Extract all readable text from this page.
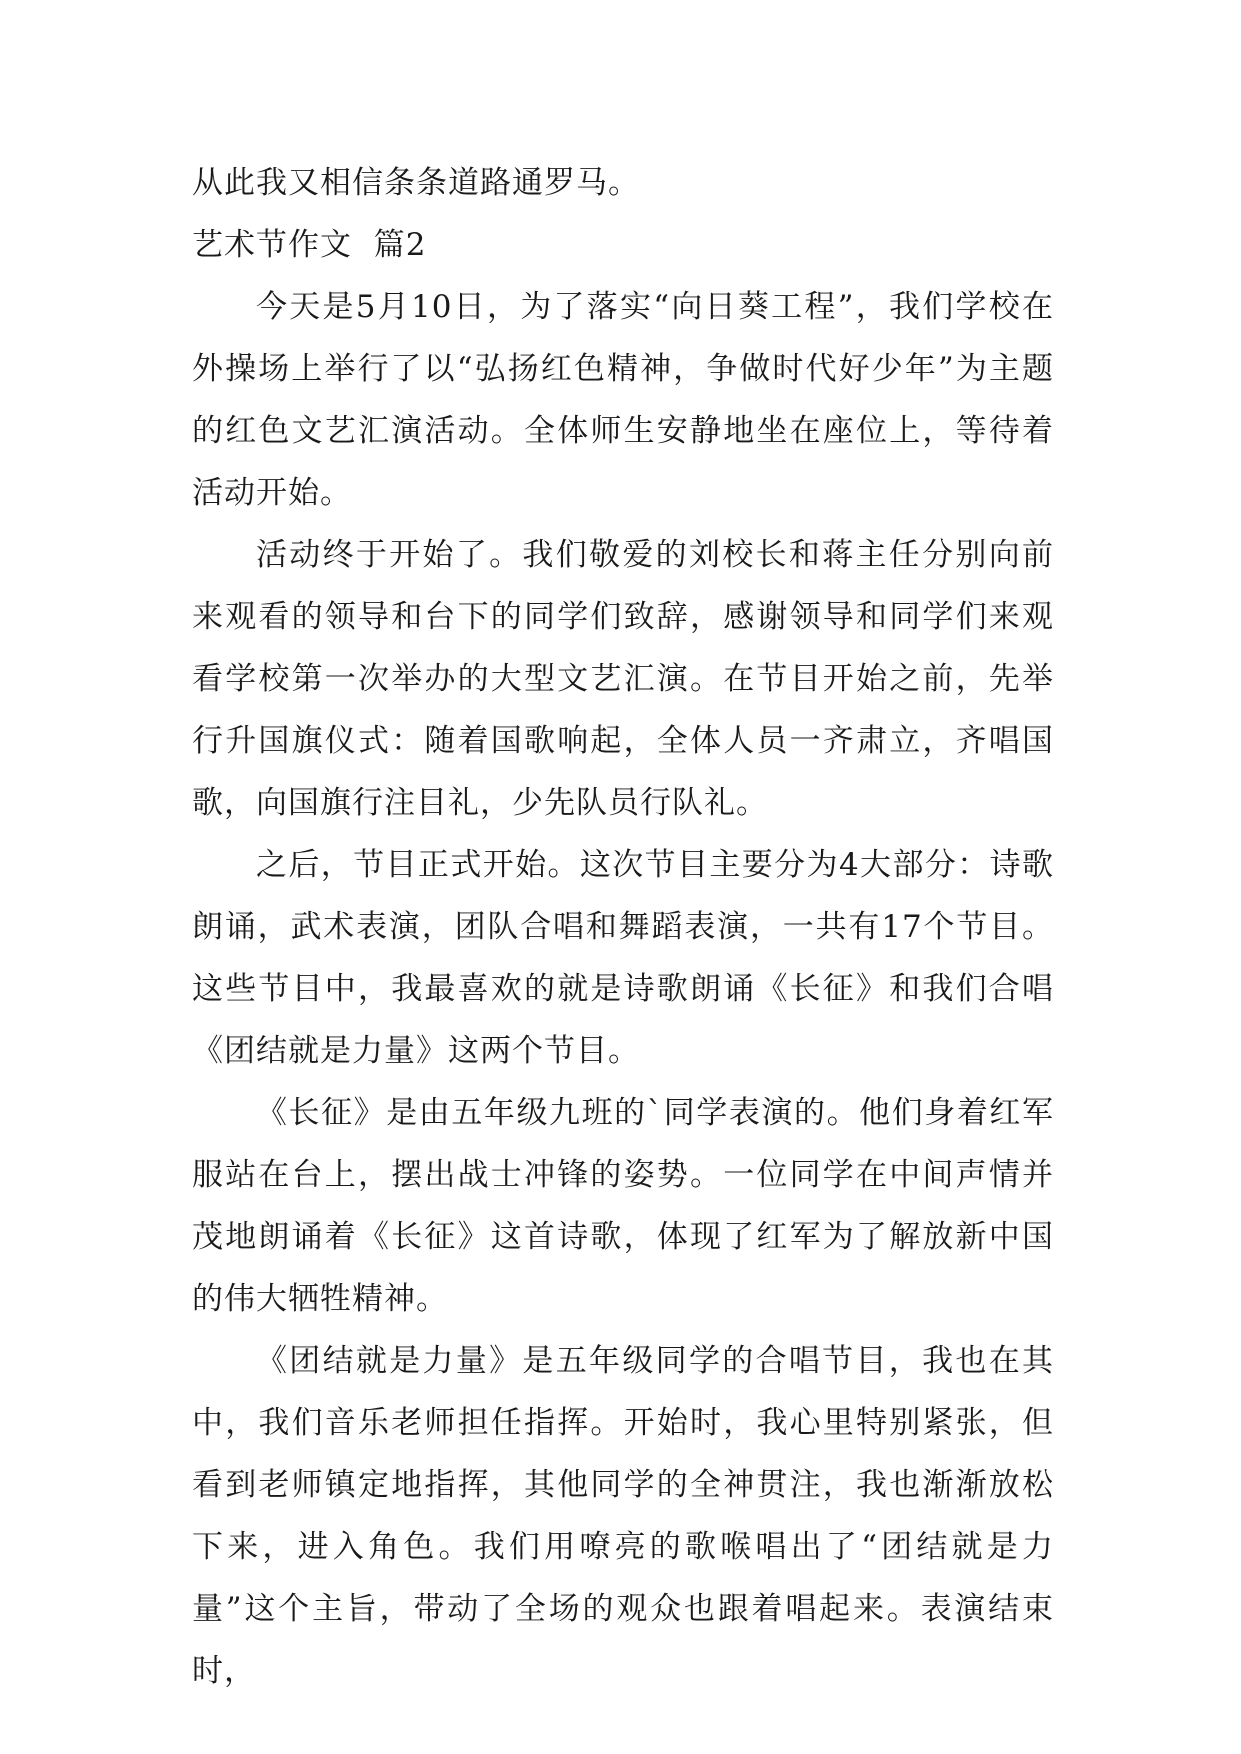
从此我又相信条条道路通罗马。

艺术节作文  篇2

今天是5月10日，为了落实“向日葵工程”，我们学校在外操场上举行了以“弘扬红色精神，争做时代好少年”为主题的红色文艺汇演活动。全体师生安静地坐在座位上，等待着活动开始。

活动终于开始了。我们敬爱的刘校长和蒋主任分别向前来观看的领导和台下的同学们致辞，感谢领导和同学们来观看学校第一次举办的大型文艺汇演。在节目开始之前，先举行升国旗仪式：随着国歌响起，全体人员一齐肃立，齐唱国歌，向国旗行注目礼，少先队员行队礼。

之后，节目正式开始。这次节目主要分为4大部分：诗歌朗诵，武术表演，团队合唱和舞蹈表演，一共有17个节目。这些节目中，我最喜欢的就是诗歌朗诵《长征》和我们合唱《团结就是力量》这两个节目。

《长征》是由五年级九班的`同学表演的。他们身着红军服站在台上，摆出战士冲锋的姿势。一位同学在中间声情并茂地朗诵着《长征》这首诗歌，体现了红军为了解放新中国的伟大牺牲精神。

《团结就是力量》是五年级同学的合唱节目，我也在其中，我们音乐老师担任指挥。开始时，我心里特别紧张，但看到老师镇定地指挥，其他同学的全神贯注，我也渐渐放松下来，进入角色。我们用嘹亮的歌喉唱出了“团结就是力量”这个主旨，带动了全场的观众也跟着唱起来。表演结束时，
